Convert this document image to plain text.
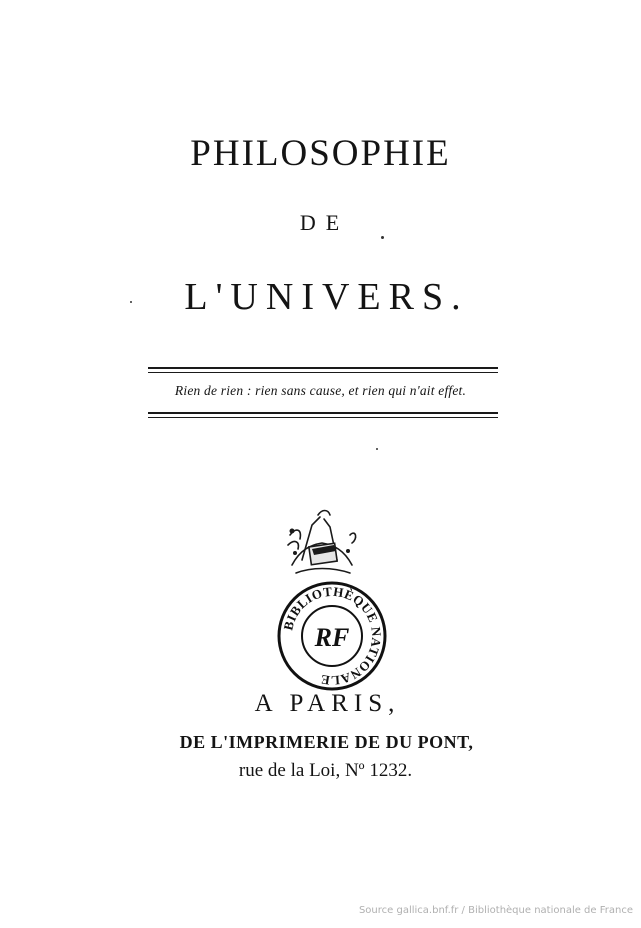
PHILOSOPHIE
DE
L'UNIVERS.
Rien de rien : rien sans cause, et rien qui n'ait effet.
BIBLIOTHÈQUE NATIONALE
RF
A PARIS,
DE L'IMPRIMERIE DE DU PONT,
rue de la Loi, Nº 1232.
Source gallica.bnf.fr / Bibliothèque nationale de France
